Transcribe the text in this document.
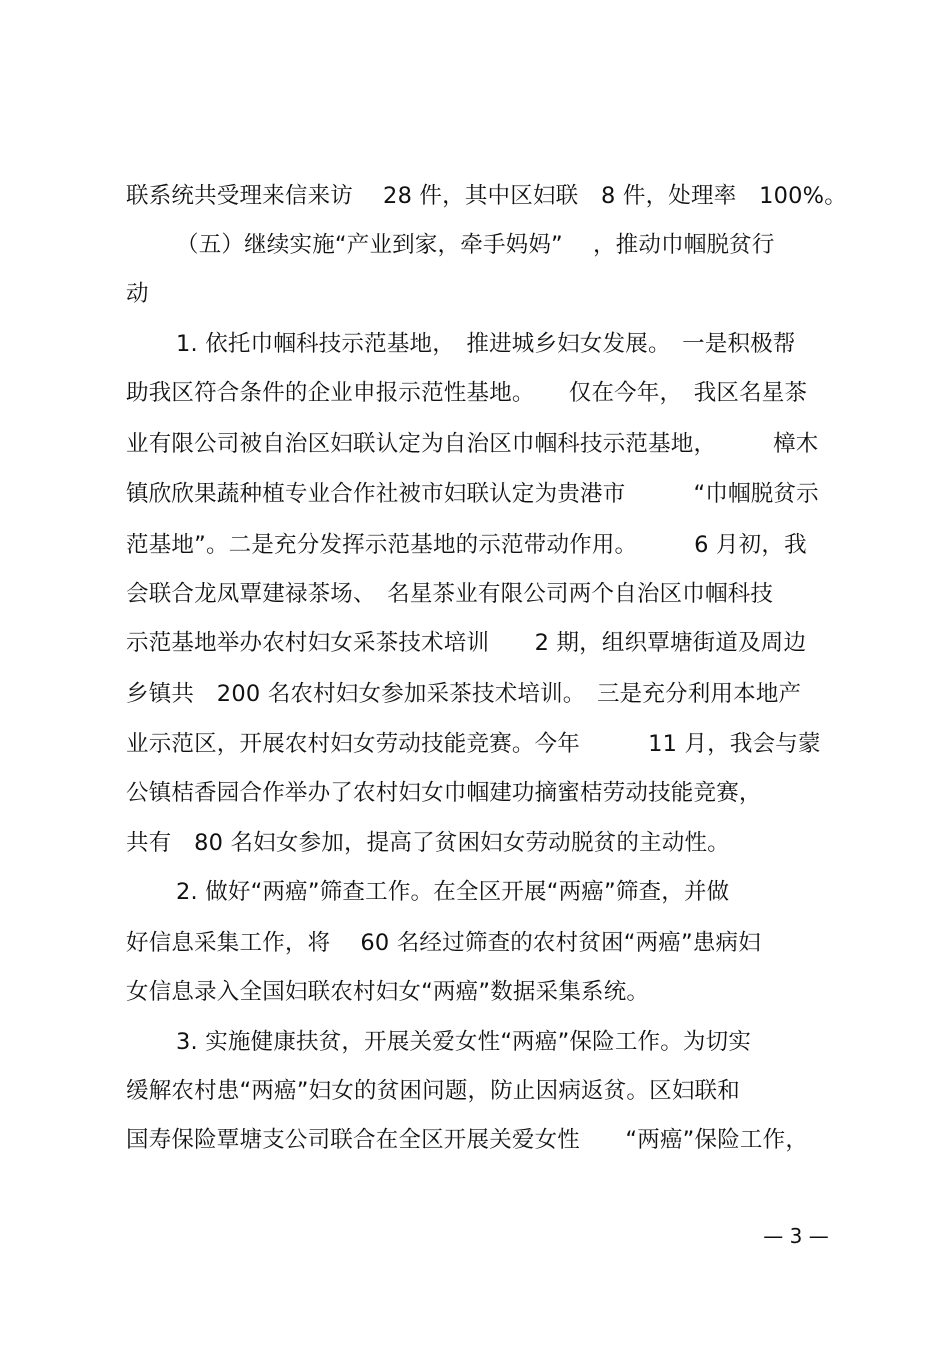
联系统共受理来信来访　 28 件，其中区妇联　8 件，处理率　100%。
（五）继续实施“产业到家，牵手妈妈”　 ，推动巾帼脱贫行
动
1. 依托巾帼科技示范基地，　推进城乡妇女发展。　一是积极帮
助我区符合条件的企业申报示范性基地。　　仅在今年，　我区名星茶
业有限公司被自治区妇联认定为自治区巾帼科技示范基地，　　　樟木
镇欣欣果蔬种植专业合作社被市妇联认定为贵港市　　　“巾帼脱贫示
范基地”。二是充分发挥示范基地的示范带动作用。　　　6 月初，我
会联合龙凤覃建禄茶场、　名星茶业有限公司两个自治区巾帼科技
示范基地举办农村妇女采茶技术培训　　2 期，组织覃塘街道及周边
乡镇共　200 名农村妇女参加采茶技术培训。　三是充分利用本地产
业示范区，开展农村妇女劳动技能竞赛。今年　　　11 月，我会与蒙
公镇桔香园合作举办了农村妇女巾帼建功摘蜜桔劳动技能竞赛，
共有　80 名妇女参加，提高了贫困妇女劳动脱贫的主动性。
2. 做好“两癌”筛查工作。在全区开展“两癌”筛查，并做
好信息采集工作，将　 60 名经过筛查的农村贫困“两癌”患病妇
女信息录入全国妇联农村妇女“两癌”数据采集系统。
3. 实施健康扶贫，开展关爱女性“两癌”保险工作。为切实
缓解农村患“两癌”妇女的贫困问题，防止因病返贫。区妇联和
国寿保险覃塘支公司联合在全区开展关爱女性　　“两癌”保险工作，
— 3 —
